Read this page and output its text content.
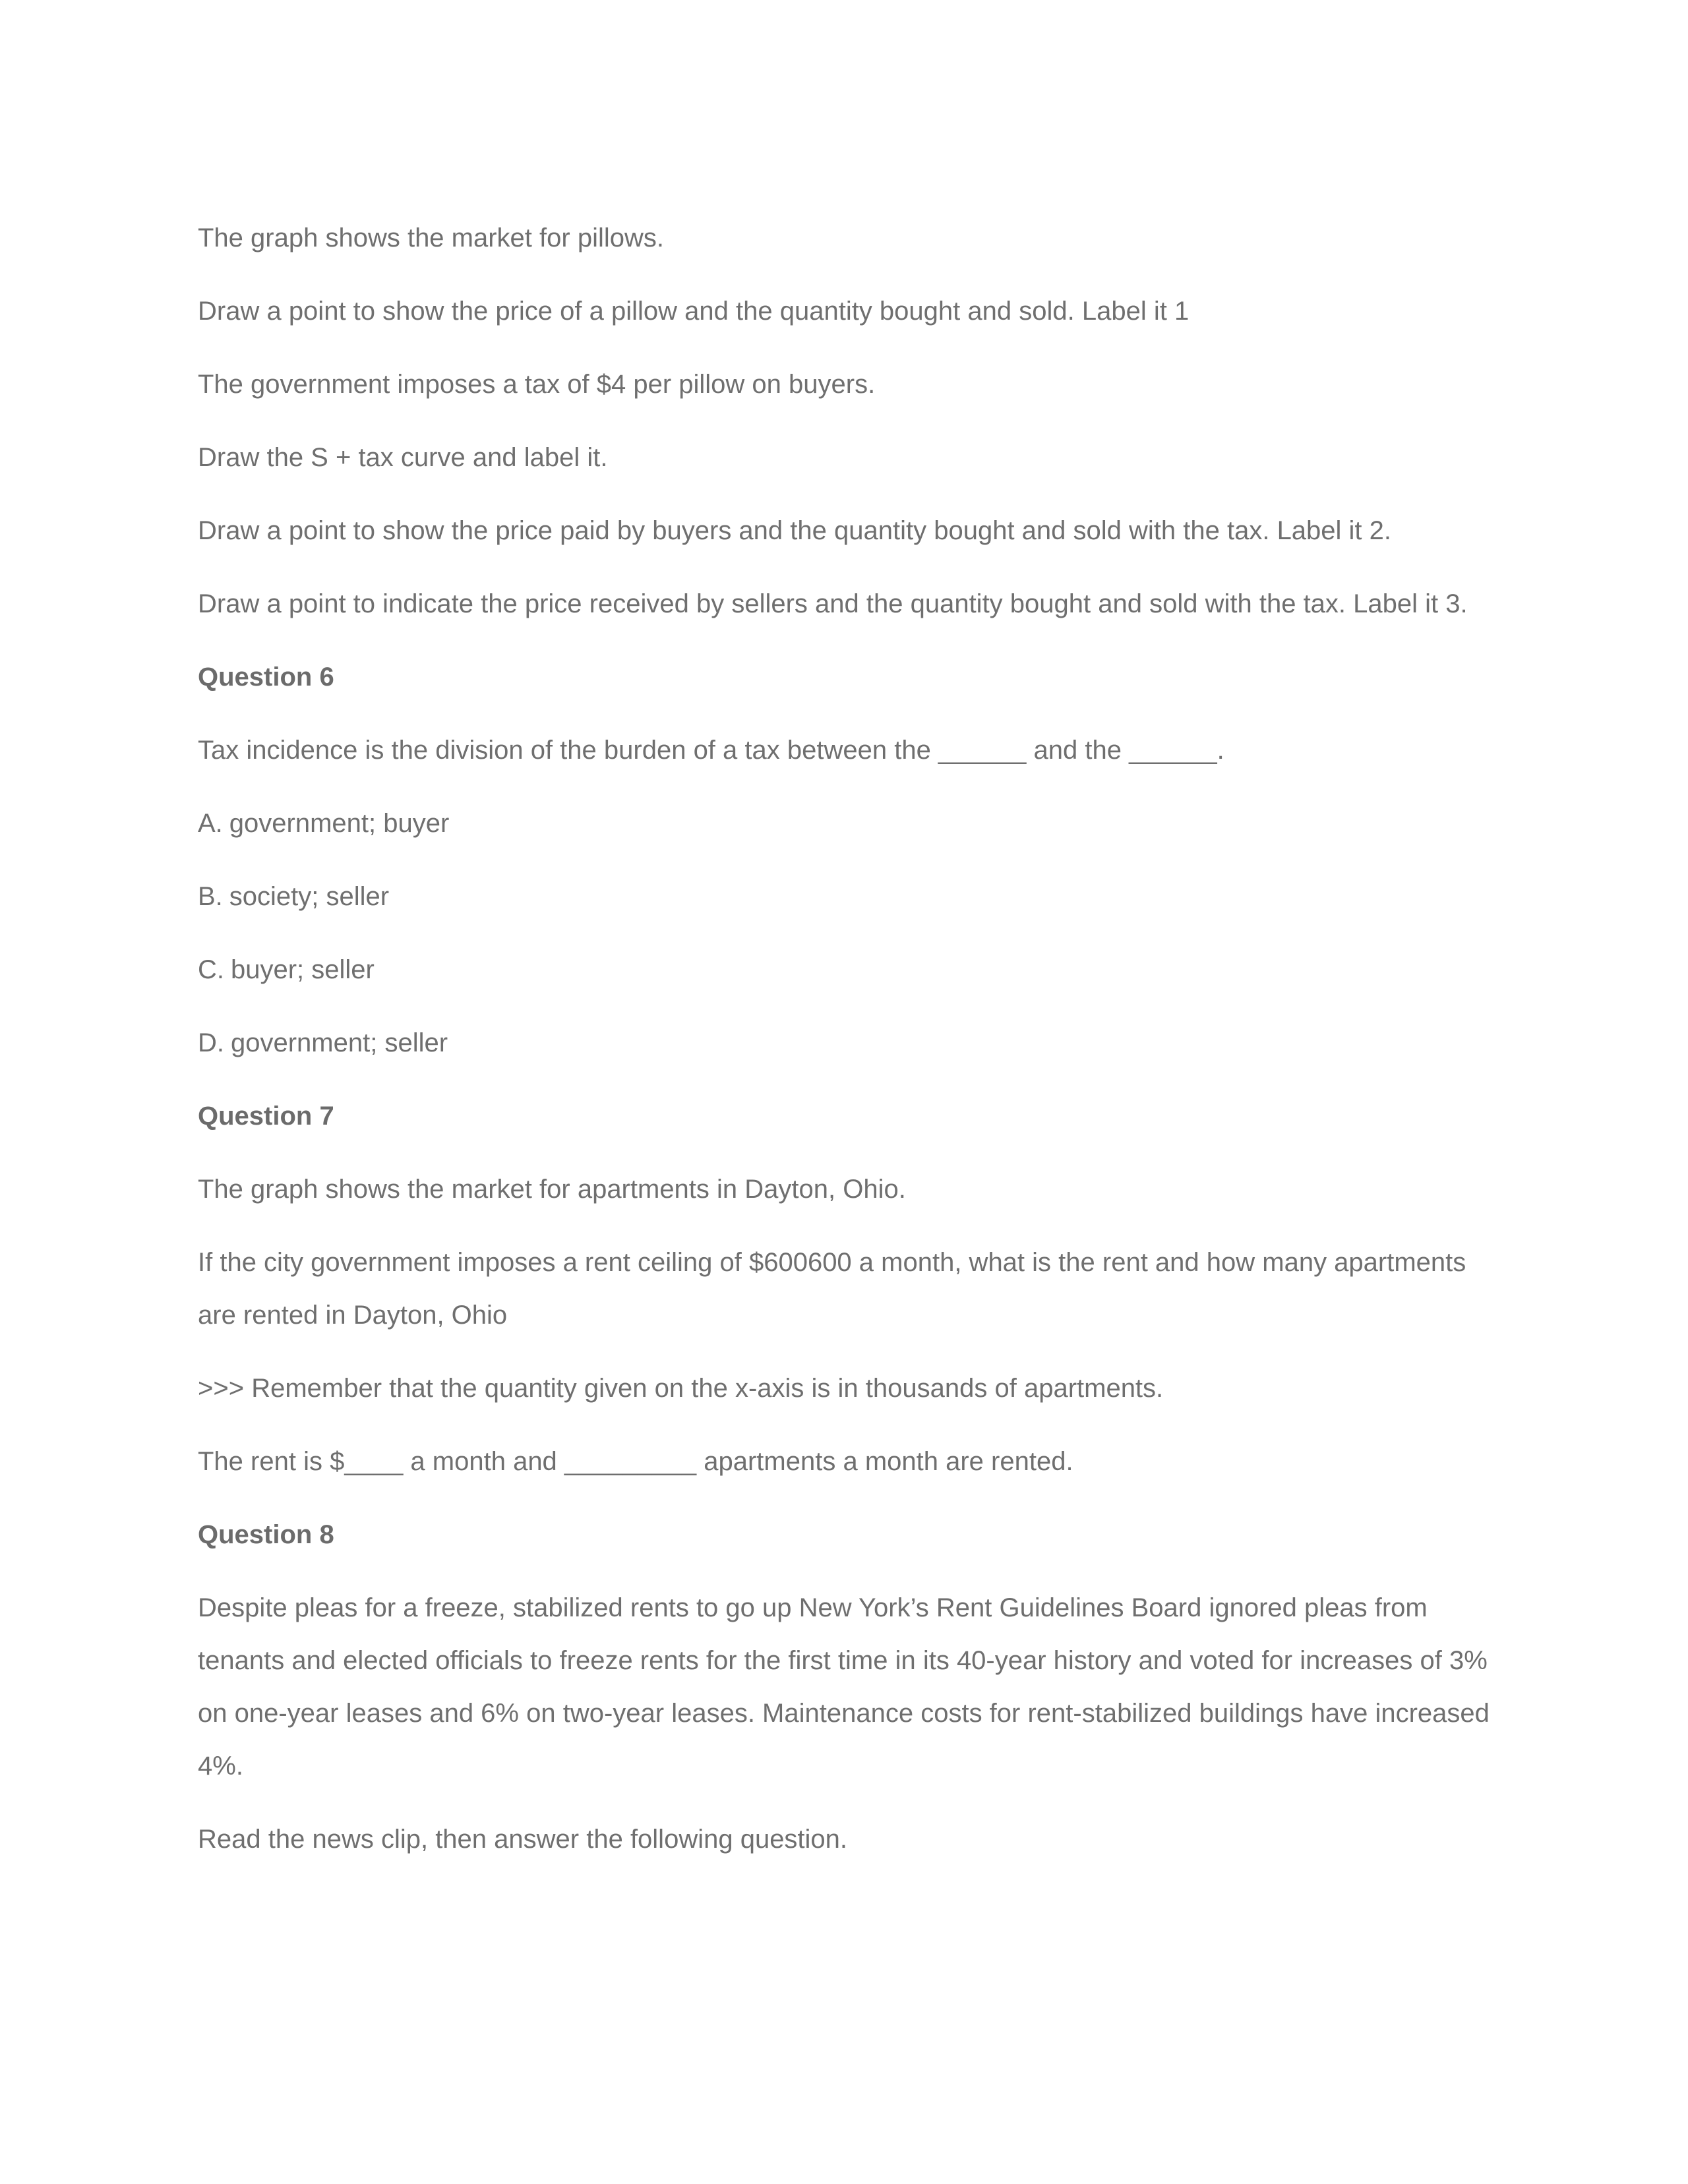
The graph shows the market for pillows.

Draw a point to show the price of a pillow and the quantity bought and sold. Label it 1

The government imposes a tax of $4 per pillow on buyers.

Draw the S + tax curve and label it.

Draw a point to show the price paid by buyers and the quantity bought and sold with the tax. Label it 2.

Draw a point to indicate the price received by sellers and the quantity bought and sold with the tax. Label it 3.

Question 6

Tax incidence is the division of the burden of a tax between the ______ and the ______.

A. government; buyer
B. society; seller
C. buyer; seller
D. government; seller
Question 7

The graph shows the market for apartments in Dayton, Ohio.

If the city government imposes a rent ceiling of $600600 a month, what is the rent and how many apartments are rented in Dayton, Ohio

>>> Remember that the quantity given on the x-axis is in thousands of apartments.

The rent is $____ a month and _________ apartments a month are rented.

Question 8

Despite pleas for a freeze, stabilized rents to go up New York’s Rent Guidelines Board ignored pleas from tenants and elected officials to freeze rents for the first time in its 40-year history and voted for increases of 3% on one-year leases and 6% on two-year leases. Maintenance costs for rent-stabilized buildings have increased 4%.

Read the news clip, then answer the following question.
